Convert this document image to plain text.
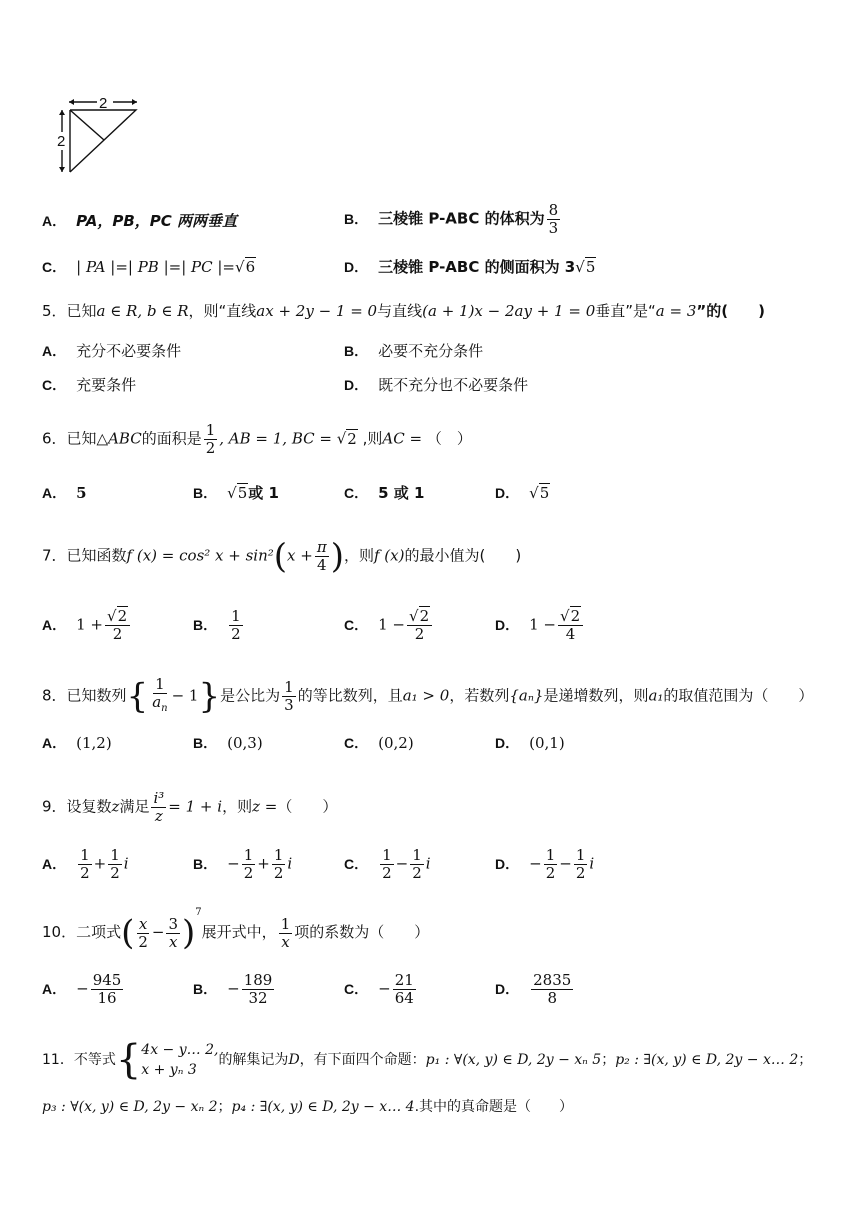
2
2
A． PA，PB，PC 两两垂直	B． 三棱锥 P-ABC 的体积为 $\frac{8}{3}$
C． | PA |=| PB |=| PC |=√6	D． 三棱锥 P-ABC 的侧面积为 3√5
5．已知a ∈ R, b ∈ R，则“直线ax + 2y − 1 = 0与直线(a + 1)x − 2ay + 1 = 0垂直”是“a = 3”的(　　)
A． 充分不必要条件	B． 必要不充分条件
C． 充要条件	D． 既不充分也不必要条件
6．已知△ABC的面积是 $\frac{1}{2}$ , AB = 1, BC = √2 ,则AC = （　）
A． 5	B． √5或 1	C． 5 或 1	D． √5
7．已知函数f (x) = cos² $x + \sin^2(x + \frac{\pi}{4}$ )，则f (x)的最小值为(　　)
A． $1 + \frac{√2}{2}$	B． $\frac{1}{2}$	C． $1 - \frac{√2}{2}$	D． $1 - \frac{√2}{4}$
8．已知数列{ $\frac{1}{a_n} - 1$}是公比为 $\frac{1}{3}$ 的等比数列，且a₁ > 0，若数列{aₙ}是递增数列，则a₁的取值范围为（　　）
A． (1,2)	B． (0,3)	C． (0,2)	D． (0,1)
9．设复数z满足 $\frac{\text{i³}}{z} = 1 + i$，则z =（　　）
A． $\frac{1}{2} + \frac{1}{2}$ i	B． − $\frac{1}{2} + \frac{1}{2}$ i	C． $\frac{1}{2} - \frac{1}{2}$ i	D． − $\frac{1}{2} - \frac{1}{2}$ i
10．二项式( $\frac{x}{2} - \frac{3}{x} )^7$展开式中， $\frac{1}{x}$ 项的系数为（　　）
A． − $\frac{945}{16}$	B． − $\frac{189}{32}$	C． − $\frac{21}{64}$	D． $\frac{2835}{8}$
11．不等式{ 4x − y… 2,
x + yₙ 3
的解集记为D，有下面四个命题：p₁ : ∀(x, y) ∈ D, 2y − xₙ 5；p₂ : ∃(x, y) ∈ D, 2y − x… 2；
p₃ : ∀(x, y) ∈ D, 2y − xₙ 2；p₄ : ∃(x, y) ∈ D, 2y − x… 4.其中的真命题是（　　）
